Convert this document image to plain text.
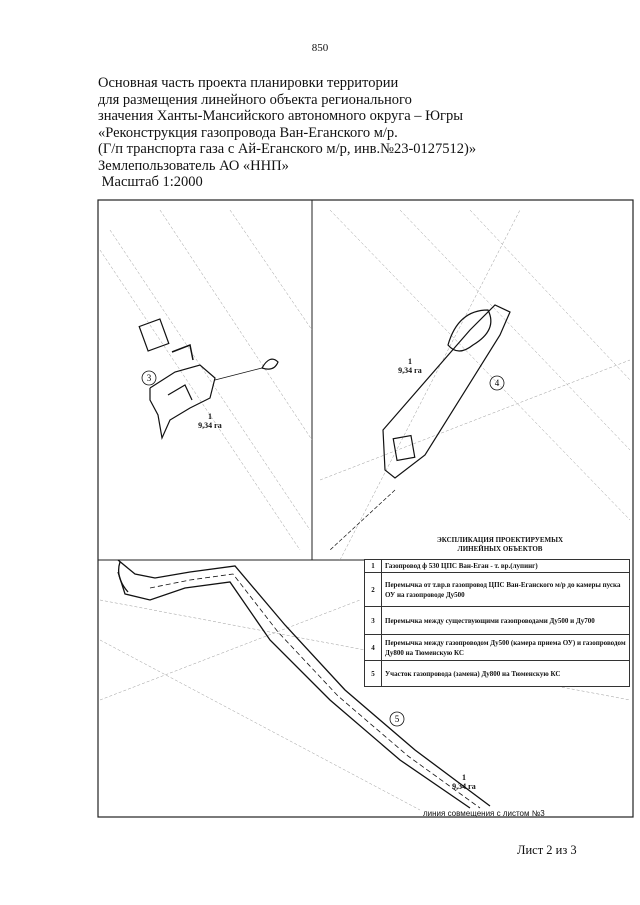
850
Основная часть проекта планировки территории
для размещения линейного объекта регионального
значения Ханты-Мансийского автономного округа – Югры
«Реконструкция газопровода Ван-Еганского м/р.
(Г/п транспорта газа с Ай-Еганского м/р, инв.№23-0127512)»
Землепользователь АО «ННП»
Масштаб 1:2000
3	4
5
1
9,34 га
1
9,34 га
1
9,34 га
ЭКСПЛИКАЦИЯ ПРОЕКТИРУЕМЫХ
ЛИНЕЙНЫХ ОБЪЕКТОВ
1	Газопровод ф 530 ЦПС Ван-Еган - т. вр.(лупинг)
2	Перемычка от т.вр.в газопровод ЦПС Ван-Еганского м/р до камеры пуска ОУ на газопроводе Ду500
3	Перемычка между существующими газопроводами Ду500 и Ду700
4	Перемычка между газопроводом Ду500 (камера приема ОУ) и газопроводом Ду800 на Тюменскую КС
5	Участок газопровода (замена) Ду800 на Тюменскую КС
линия совмещения с листом №3
Лист 2 из 3
